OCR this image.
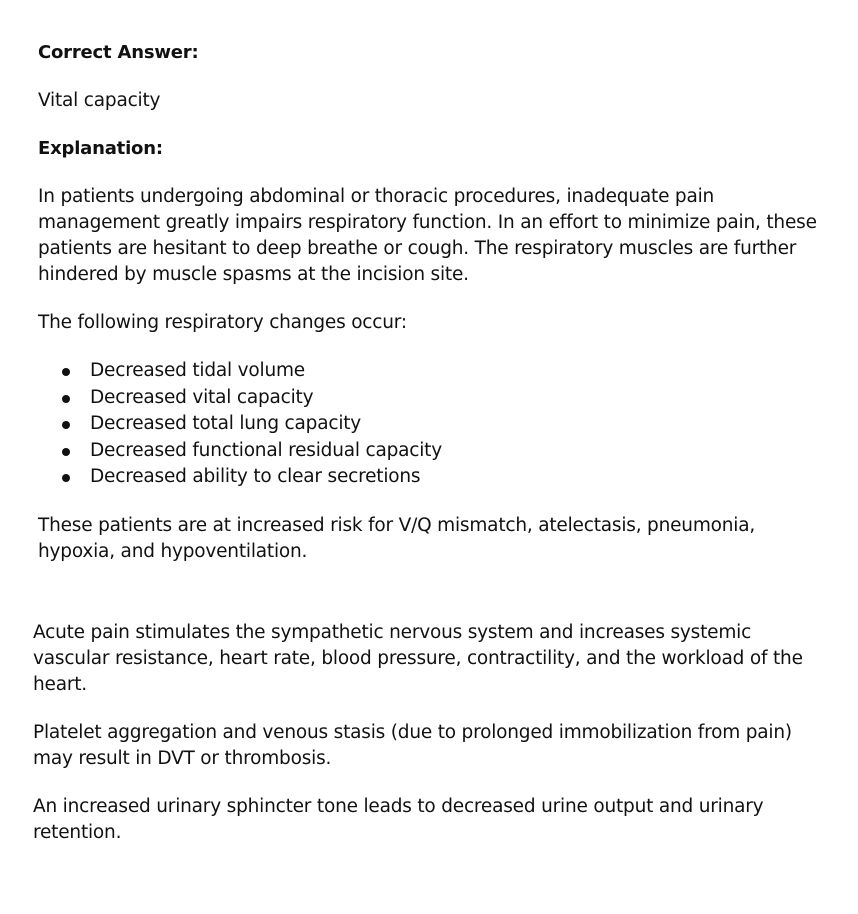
Correct Answer:

Vital capacity

Explanation:

In patients undergoing abdominal or thoracic procedures, inadequate pain management greatly impairs respiratory function. In an effort to minimize pain, these patients are hesitant to deep breathe or cough. The respiratory muscles are further hindered by muscle spasms at the incision site.

The following respiratory changes occur:

Decreased tidal volume
Decreased vital capacity
Decreased total lung capacity
Decreased functional residual capacity
Decreased ability to clear secretions

These patients are at increased risk for V/Q mismatch, atelectasis, pneumonia, hypoxia, and hypoventilation.

Acute pain stimulates the sympathetic nervous system and increases systemic vascular resistance, heart rate, blood pressure, contractility, and the workload of the heart.

Platelet aggregation and venous stasis (due to prolonged immobilization from pain) may result in DVT or thrombosis.

An increased urinary sphincter tone leads to decreased urine output and urinary retention.
